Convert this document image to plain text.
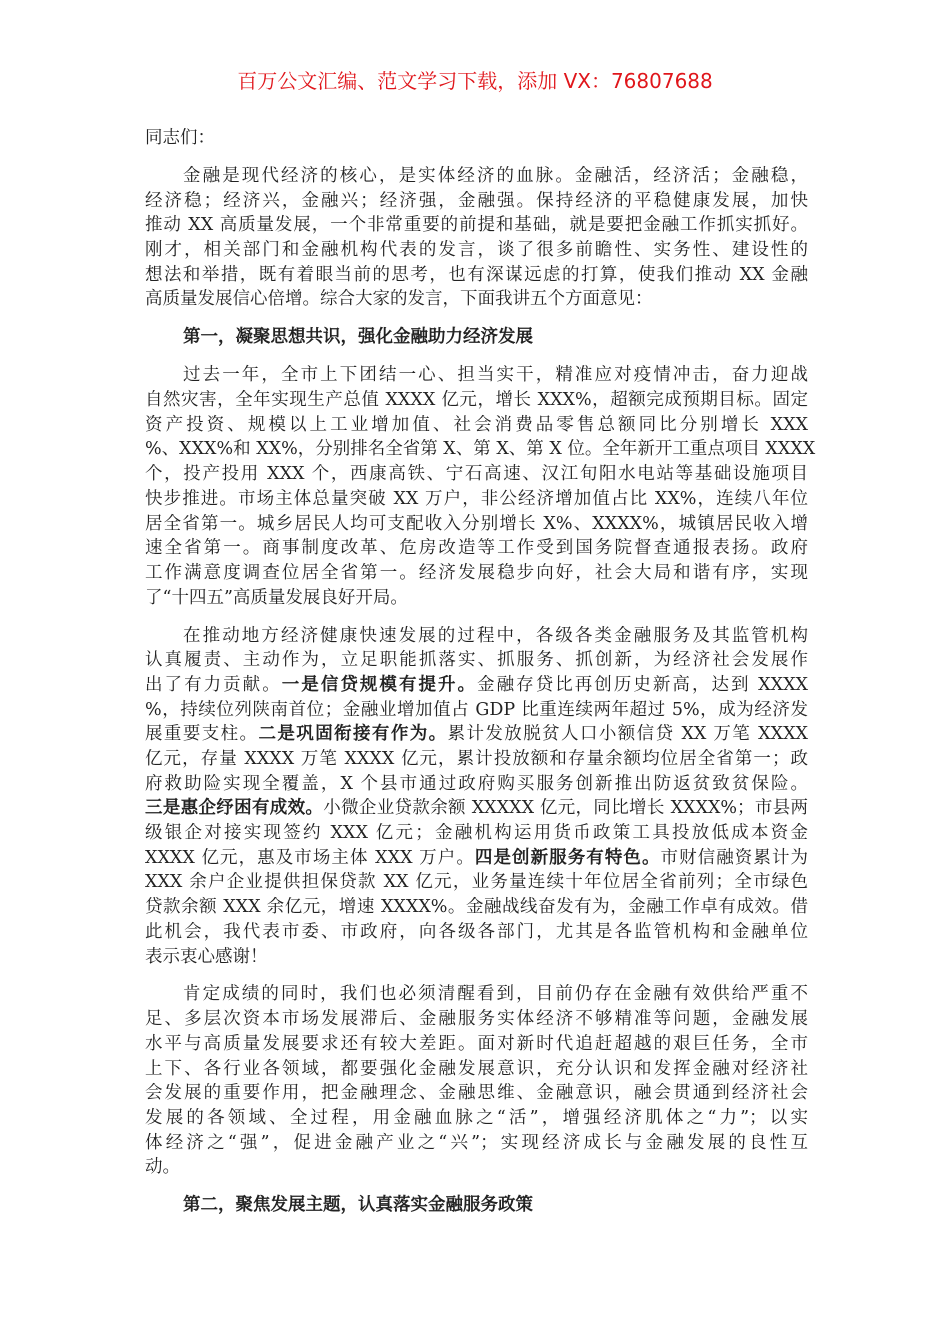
百万公文汇编、范文学习下载，添加 VX：76807688
同志们：
金融是现代经济的核心，是实体经济的血脉。金融活，经济活；金融稳，
经济稳；经济兴，金融兴；经济强，金融强。保持经济的平稳健康发展，加快
推动 XX 高质量发展，一个非常重要的前提和基础，就是要把金融工作抓实抓好。
刚才，相关部门和金融机构代表的发言，谈了很多前瞻性、实务性、建设性的
想法和举措，既有着眼当前的思考，也有深谋远虑的打算，使我们推动 XX 金融
高质量发展信心倍增。综合大家的发言，下面我讲五个方面意见：
第一，凝聚思想共识，强化金融助力经济发展
过去一年，全市上下团结一心、担当实干，精准应对疫情冲击，奋力迎战
自然灾害，全年实现生产总值 XXXX 亿元，增长 XXX%，超额完成预期目标。固定
资产投资、规模以上工业增加值、社会消费品零售总额同比分别增长 XXX
%、XXX%和 XX%，分别排名全省第 X、第 X、第 X 位。全年新开工重点项目 XXXX
个，投产投用 XXX 个，西康高铁、宁石高速、汉江旬阳水电站等基础设施项目
快步推进。市场主体总量突破 XX 万户，非公经济增加值占比 XX%，连续八年位
居全省第一。城乡居民人均可支配收入分别增长 X%、XXXX%，城镇居民收入增
速全省第一。商事制度改革、危房改造等工作受到国务院督查通报表扬。政府
工作满意度调查位居全省第一。经济发展稳步向好，社会大局和谐有序，实现
了“十四五”高质量发展良好开局。
在推动地方经济健康快速发展的过程中，各级各类金融服务及其监管机构
认真履责、主动作为，立足职能抓落实、抓服务、抓创新，为经济社会发展作
出了有力贡献。一是信贷规模有提升。金融存贷比再创历史新高，达到 XXXX
%，持续位列陕南首位；金融业增加值占 GDP 比重连续两年超过 5%，成为经济发
展重要支柱。二是巩固衔接有作为。累计发放脱贫人口小额信贷 XX 万笔 XXXX
亿元，存量 XXXX 万笔 XXXX 亿元，累计投放额和存量余额均位居全省第一；政
府救助险实现全覆盖，X 个县市通过政府购买服务创新推出防返贫致贫保险。
三是惠企纾困有成效。小微企业贷款余额 XXXXX 亿元，同比增长 XXXX%；市县两
级银企对接实现签约 XXX 亿元；金融机构运用货币政策工具投放低成本资金
XXXX 亿元，惠及市场主体 XXX 万户。四是创新服务有特色。市财信融资累计为
XXX 余户企业提供担保贷款 XX 亿元，业务量连续十年位居全省前列；全市绿色
贷款余额 XXX 余亿元，增速 XXXX%。金融战线奋发有为，金融工作卓有成效。借
此机会，我代表市委、市政府，向各级各部门，尤其是各监管机构和金融单位
表示衷心感谢！
肯定成绩的同时，我们也必须清醒看到，目前仍存在金融有效供给严重不
足、多层次资本市场发展滞后、金融服务实体经济不够精准等问题，金融发展
水平与高质量发展要求还有较大差距。面对新时代追赶超越的艰巨任务，全市
上下、各行业各领域，都要强化金融发展意识，充分认识和发挥金融对经济社
会发展的重要作用，把金融理念、金融思维、金融意识，融会贯通到经济社会
发展的各领域、全过程，用金融血脉之“活”，增强经济肌体之“力”；以实
体经济之“强”，促进金融产业之“兴”；实现经济成长与金融发展的良性互
动。
第二，聚焦发展主题，认真落实金融服务政策
